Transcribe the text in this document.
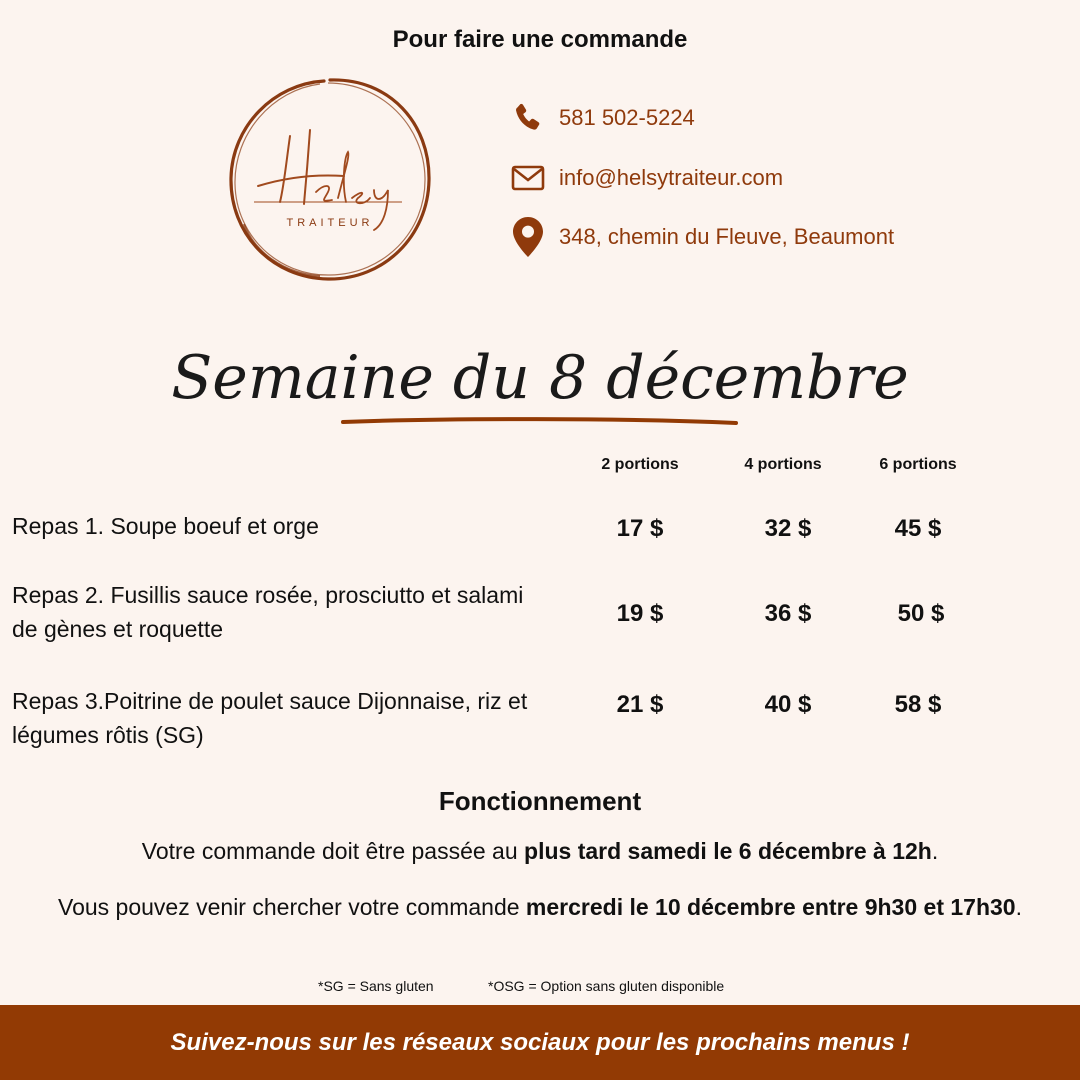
Pour faire une commande
TRAITEUR
581 502-5224
info@helsytraiteur.com
348, chemin du Fleuve, Beaumont
Semaine du 8 décembre
2 portions	4 portions	6 portions
Repas 1. Soupe boeuf et orge	17 $	32 $	45 $
Repas 2. Fusillis sauce rosée, prosciutto et salami
de gènes et roquette
19 $	36 $	50 $
Repas 3.Poitrine de poulet sauce Dijonnaise, riz et
légumes rôtis (SG)
21 $	40 $	58 $
Fonctionnement
Votre commande doit être passée au plus tard samedi le 6 décembre à 12h.
Vous pouvez venir chercher votre commande mercredi le 10 décembre entre 9h30 et 17h30.
*SG = Sans gluten	*OSG = Option sans gluten disponible
Suivez-nous sur les réseaux sociaux pour les prochains menus !
